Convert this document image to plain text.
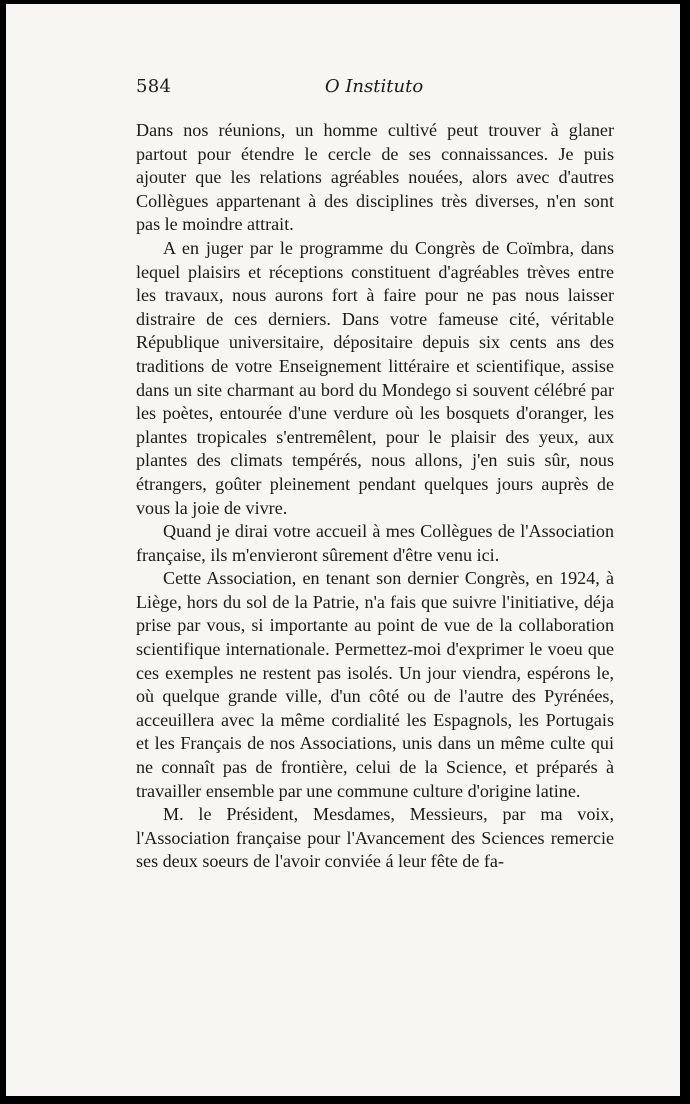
584	O Instituto

Dans nos réunions, un homme cultivé peut trouver à glaner partout pour étendre le cercle de ses connaissances. Je puis ajouter que les relations agréables nouées, alors avec d'autres Collègues appartenant à des disciplines très diverses, n'en sont pas le moindre attrait.

A en juger par le programme du Congrès de Coïmbra, dans lequel plaisirs et réceptions constituent d'agréables trèves entre les travaux, nous aurons fort à faire pour ne pas nous laisser distraire de ces derniers. Dans votre fameuse cité, véritable République universitaire, dépositaire depuis six cents ans des traditions de votre Enseignement littéraire et scientifique, assise dans un site charmant au bord du Mondego si souvent célébré par les poètes, entourée d'une verdure où les bosquets d'oranger, les plantes tropicales s'entremêlent, pour le plaisir des yeux, aux plantes des climats tempérés, nous allons, j'en suis sûr, nous étrangers, goûter pleinement pendant quelques jours auprès de vous la joie de vivre.

Quand je dirai votre accueil à mes Collègues de l'Association française, ils m'envieront sûrement d'être venu ici.

Cette Association, en tenant son dernier Congrès, en 1924, à Liège, hors du sol de la Patrie, n'a fais que suivre l'initiative, déja prise par vous, si importante au point de vue de la collaboration scientifique internationale. Permettez-moi d'exprimer le voeu que ces exemples ne restent pas isolés. Un jour viendra, espérons le, où quelque grande ville, d'un côté ou de l'autre des Pyrénées, acceuillera avec la même cordialité les Espagnols, les Portugais et les Français de nos Associations, unis dans un même culte qui ne connaît pas de frontière, celui de la Science, et préparés à travailler ensemble par une commune culture d'origine latine.

M. le Président, Mesdames, Messieurs, par ma voix, l'Association française pour l'Avancement des Sciences remercie ses deux soeurs de l'avoir conviée á leur fête de fa-
